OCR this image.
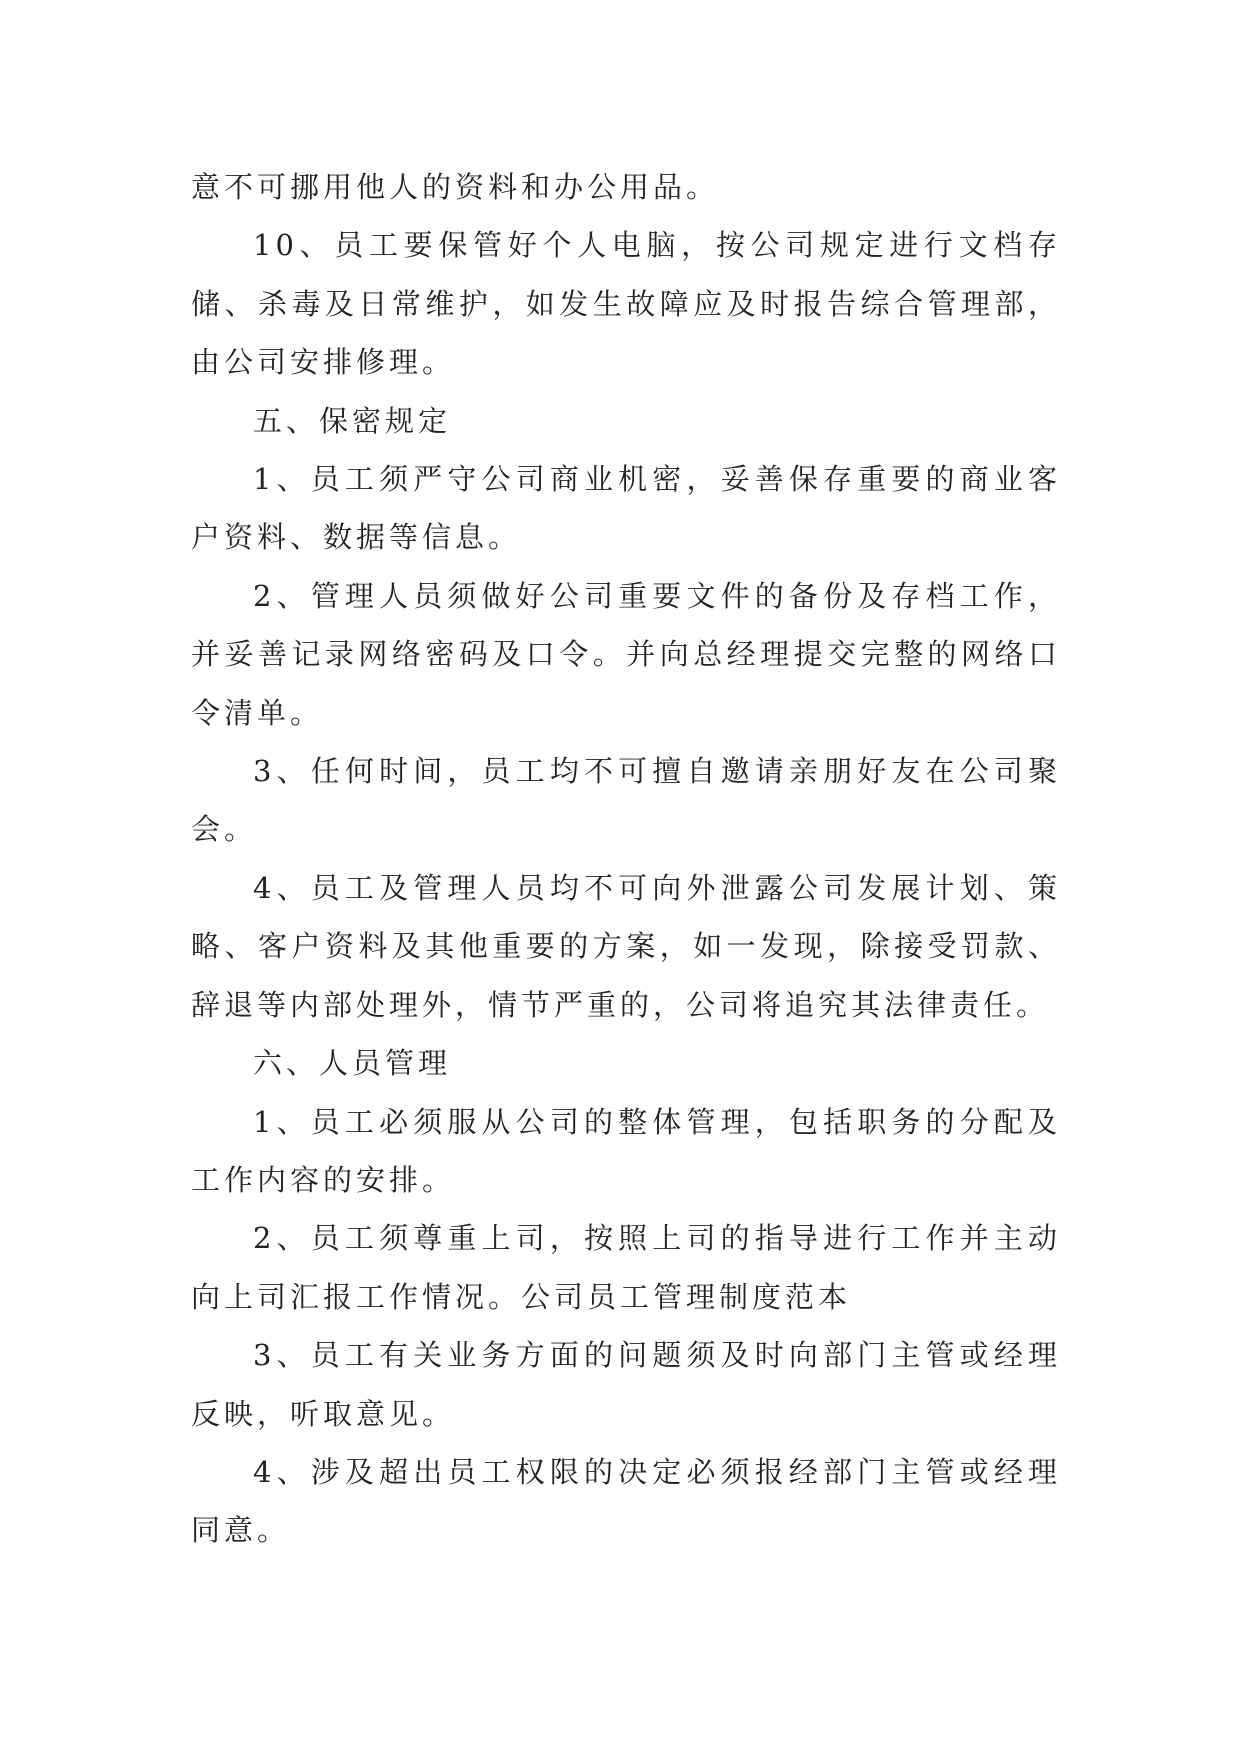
意不可挪用他人的资料和办公用品。

10、员工要保管好个人电脑，按公司规定进行文档存储、杀毒及日常维护，如发生故障应及时报告综合管理部，由公司安排修理。

五、保密规定

1、员工须严守公司商业机密，妥善保存重要的商业客户资料、数据等信息。

2、管理人员须做好公司重要文件的备份及存档工作，并妥善记录网络密码及口令。并向总经理提交完整的网络口令清单。

3、任何时间，员工均不可擅自邀请亲朋好友在公司聚会。

4、员工及管理人员均不可向外泄露公司发展计划、策略、客户资料及其他重要的方案，如一发现，除接受罚款、辞退等内部处理外，情节严重的，公司将追究其法律责任。

六、人员管理

1、员工必须服从公司的整体管理，包括职务的分配及工作内容的安排。

2、员工须尊重上司，按照上司的指导进行工作并主动向上司汇报工作情况。公司员工管理制度范本

3、员工有关业务方面的问题须及时向部门主管或经理反映，听取意见。

4、涉及超出员工权限的决定必须报经部门主管或经理同意。
